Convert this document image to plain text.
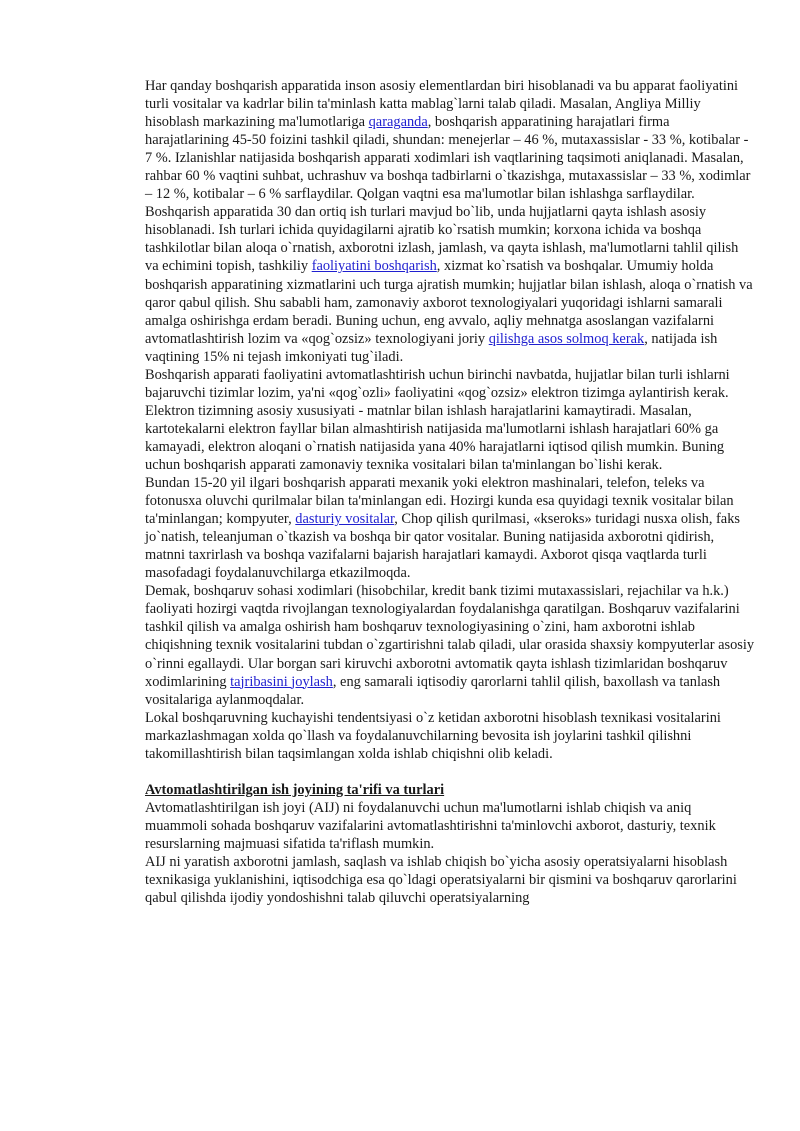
Har qanday boshqarish apparatida inson asosiy elementlardan biri hisoblanadi va bu apparat faoliyatini turli vositalar va kadrlar bilin ta'minlash katta mablag`larni talab qiladi. Masalan, Angliya Milliy hisoblash markazining ma'lumotlariga qaraganda, boshqarish apparatining harajatlari firma harajatlarining 45-50 foizini tashkil qiladi, shundan: menejerlar – 46 %, mutaxassislar - 33 %, kotibalar - 7 %. Izlanishlar natijasida boshqarish apparati xodimlari ish vaqtlarining taqsimoti aniqlanadi. Masalan, rahbar 60 % vaqtini suhbat, uchrashuv va boshqa tadbirlarni o`tkazishga, mutaxassislar – 33 %, xodimlar – 12 %, kotibalar – 6 % sarflaydilar. Qolgan vaqtni esa ma'lumotlar bilan ishlashga sarflaydilar.

Boshqarish apparatida 30 dan ortiq ish turlari mavjud bo`lib, unda hujjatlarni qayta ishlash asosiy hisoblanadi. Ish turlari ichida quyidagilarni ajratib ko`rsatish mumkin; korxona ichida va boshqa tashkilotlar bilan aloqa o`rnatish, axborotni izlash, jamlash, va qayta ishlash, ma'lumotlarni tahlil qilish va echimini topish, tashkiliy faoliyatini boshqarish, xizmat ko`rsatish va boshqalar. Umumiy holda boshqarish apparatining xizmatlarini uch turga ajratish mumkin; hujjatlar bilan ishlash, aloqa o`rnatish va qaror qabul qilish. Shu sababli ham, zamonaviy axborot texnologiyalari yuqoridagi ishlarni samarali amalga oshirishga erdam beradi. Buning uchun, eng avvalo, aqliy mehnatga asoslangan vazifalarni avtomatlashtirish lozim va «qog`ozsiz» texnologiyani joriy qilishga asos solmoq kerak, natijada ish vaqtining 15% ni tejash imkoniyati tug`iladi.

Boshqarish apparati faoliyatini avtomatlashtirish uchun birinchi navbatda, hujjatlar bilan turli ishlarni bajaruvchi tizimlar lozim, ya'ni «qog`ozli» faoliyatini «qog`ozsiz» elektron tizimga aylantirish kerak.

Elektron tizimning asosiy xususiyati - matnlar bilan ishlash harajatlarini kamaytiradi. Masalan, kartotekalarni elektron fayllar bilan almashtirish natijasida ma'lumotlarni ishlash harajatlari 60% ga kamayadi, elektron aloqani o`rnatish natijasida yana 40% harajatlarni iqtisod qilish mumkin. Buning uchun boshqarish apparati zamonaviy texnika vositalari bilan ta'minlangan bo`lishi kerak.

Bundan 15-20 yil ilgari boshqarish apparati mexanik yoki elektron mashinalari, telefon, teleks va fotonusxa oluvchi qurilmalar bilan ta'minlangan edi. Hozirgi kunda esa quyidagi texnik vositalar bilan ta'minlangan; kompyuter, dasturiy vositalar, Chop qilish qurilmasi, «kseroks» turidagi nusxa olish, faks jo`natish, teleanjuman o`tkazish va boshqa bir qator vositalar. Buning natijasida axborotni qidirish, matnni taxrirlash va boshqa vazifalarni bajarish harajatlari kamaydi. Axborot qisqa vaqtlarda turli masofadagi foydalanuvchilarga etkazilmoqda.

Demak, boshqaruv sohasi xodimlari (hisobchilar, kredit bank tizimi mutaxassislari, rejachilar va h.k.) faoliyati hozirgi vaqtda rivojlangan texnologiyalardan foydalanishga qaratilgan. Boshqaruv vazifalarini tashkil qilish va amalga oshirish ham boshqaruv texnologiyasining o`zini, ham axborotni ishlab chiqishning texnik vositalarini tubdan o`zgartirishni talab qiladi, ular orasida shaxsiy kompyuterlar asosiy o`rinni egallaydi. Ular borgan sari kiruvchi axborotni avtomatik qayta ishlash tizimlaridan boshqaruv xodimlarining tajribasini joylash, eng samarali iqtisodiy qarorlarni tahlil qilish, baxollash va tanlash vositalariga aylanmoqdalar.

Lokal boshqaruvning kuchayishi tendentsiyasi o`z ketidan axborotni hisoblash texnikasi vositalarini markazlashmagan xolda qo`llash va foydalanuvchilarning bevosita ish joylarini tashkil qilishni takomillashtirish bilan taqsimlangan xolda ishlab chiqishni olib keladi.

Avtomatlashtirilgan ish joyining ta'rifi va turlari

Avtomatlashtirilgan ish joyi (AIJ) ni foydalanuvchi uchun ma'lumotlarni ishlab chiqish va aniq muammoli sohada boshqaruv vazifalarini avtomatlashtirishni ta'minlovchi axborot, dasturiy, texnik resurslarning majmuasi sifatida ta'riflash mumkin.

AIJ ni yaratish axborotni jamlash, saqlash va ishlab chiqish bo`yicha asosiy operatsiyalarni hisoblash texnikasiga yuklanishini, iqtisodchiga esa qo`ldagi operatsiyalarni bir qismini va boshqaruv qarorlarini qabul qilishda ijodiy yondoshishni talab qiluvchi operatsiyalarning
